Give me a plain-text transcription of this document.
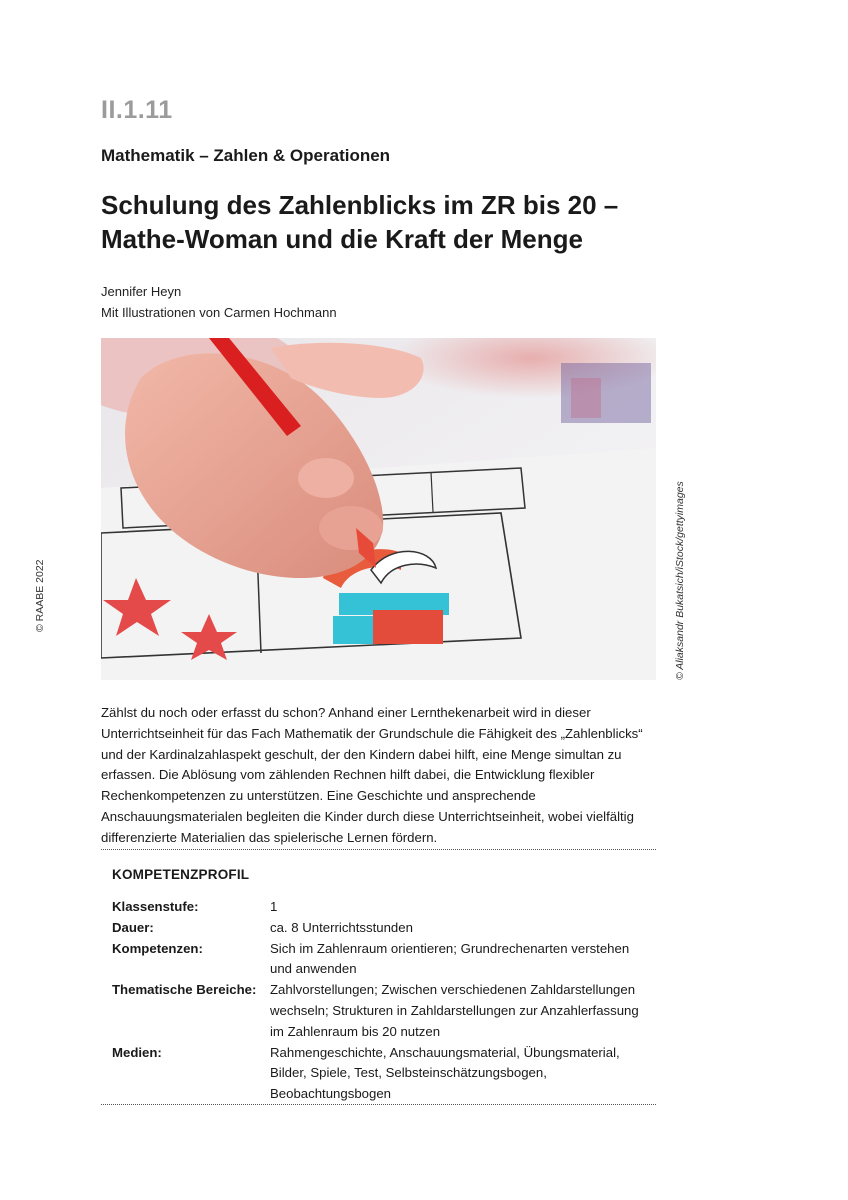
II.1.11
Mathematik – Zahlen & Operationen
Schulung des Zahlenblicks im ZR bis 20 –
Mathe-Woman und die Kraft der Menge
Jennifer Heyn
Mit Illustrationen von Carmen Hochmann
© RAABE 2022	© Aliaksandr Bukatsich/iStock/gettyimages
Zählst du noch oder erfasst du schon? Anhand einer Lernthekenarbeit wird in dieser Unterrichtseinheit für das Fach Mathematik der Grundschule die Fähigkeit des „Zahlenblicks“ und der Kardinalzahlaspekt geschult, der den Kindern dabei hilft, eine Menge simultan zu erfassen. Die Ablösung vom zählenden Rechnen hilft dabei, die Entwicklung flexibler Rechenkompetenzen zu unterstützen. Eine Geschichte und ansprechende Anschauungsmaterialen begleiten die Kinder durch diese Unterrichtseinheit, wobei vielfältig differenzierte Materialien das spielerische Lernen fördern.
KOMPETENZPROFIL
Klassenstufe:	1
Dauer:	ca. 8 Unterrichtsstunden
Kompetenzen:	Sich im Zahlenraum orientieren; Grundrechenarten verstehen und anwenden
Thematische Bereiche:	Zahlvorstellungen; Zwischen verschiedenen Zahldarstellungen wechseln; Strukturen in Zahldarstellungen zur Anzahlerfassung im Zahlenraum bis 20 nutzen
Medien:	Rahmengeschichte, Anschauungsmaterial, Übungsmaterial, Bilder, Spiele, Test, Selbsteinschätzungsbogen, Beobachtungsbogen
